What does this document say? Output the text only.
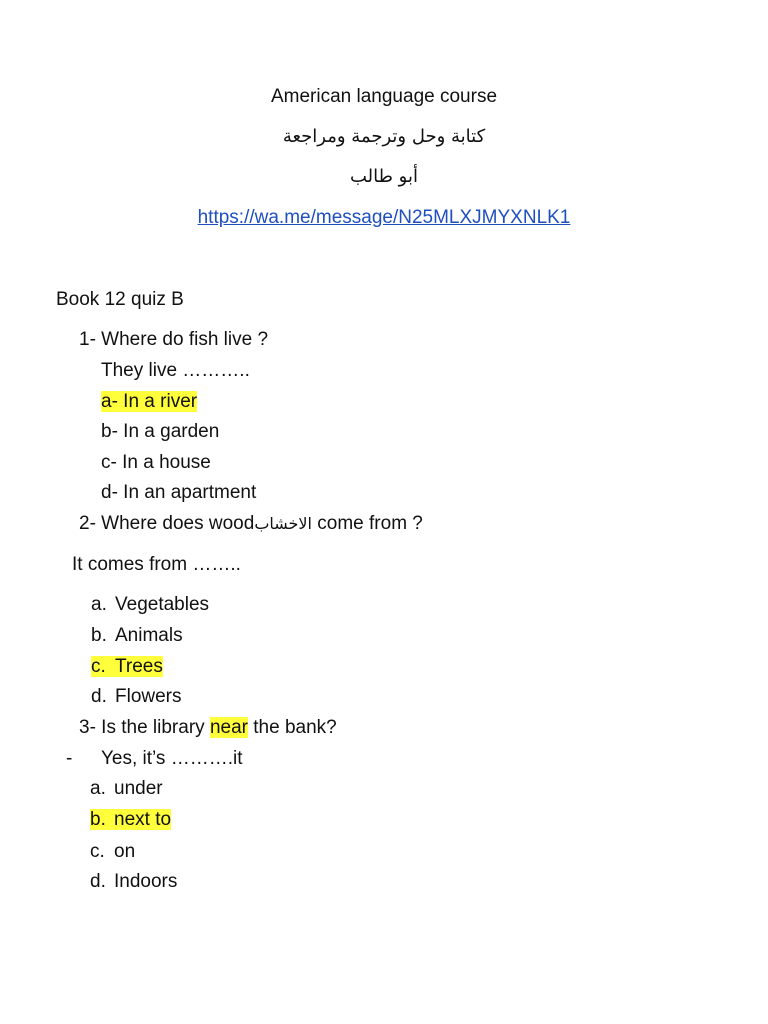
American language course
كتابة وحل وترجمة ومراجعة
أبو طالب
https://wa.me/message/N25MLXJMYXNLK1
Book 12 quiz B
1- Where do fish live ?
They live ………..
a- In a river
b- In a garden
c- In a house
d- In an apartment
2- Where does woodالاخشاب come from ?
It comes from ……..
a. Vegetables
b. Animals
c. Trees
d. Flowers
3- Is the library near the bank?
- Yes, it’s ……….it
a. under
b. next to
c. on
d. Indoors
